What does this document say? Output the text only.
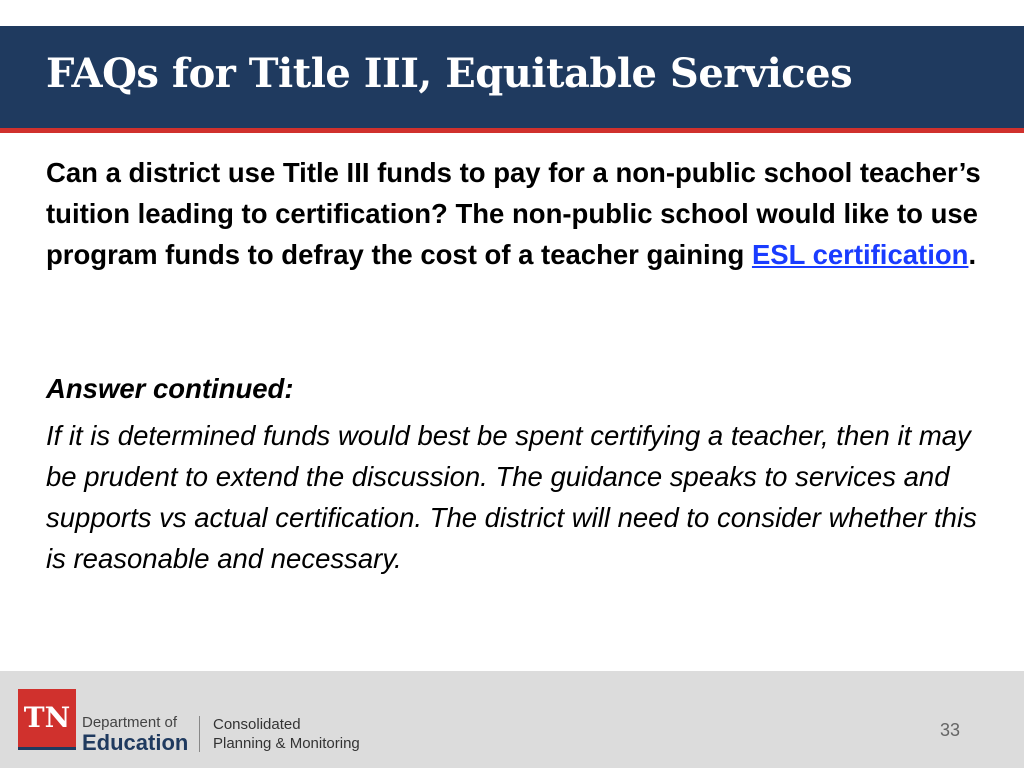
FAQs for Title III, Equitable Services
Can a district use Title III funds to pay for a non-public school teacher’s tuition leading to certification? The non-public school would like to use program funds to defray the cost of a teacher gaining ESL certification.
Answer continued:
If it is determined funds would best be spent certifying a teacher, then it may be prudent to extend the discussion. The guidance speaks to services and supports vs actual certification. The district will need to consider whether this is reasonable and necessary.
TN Department of
Education
Consolidated
Planning & Monitoring
33
